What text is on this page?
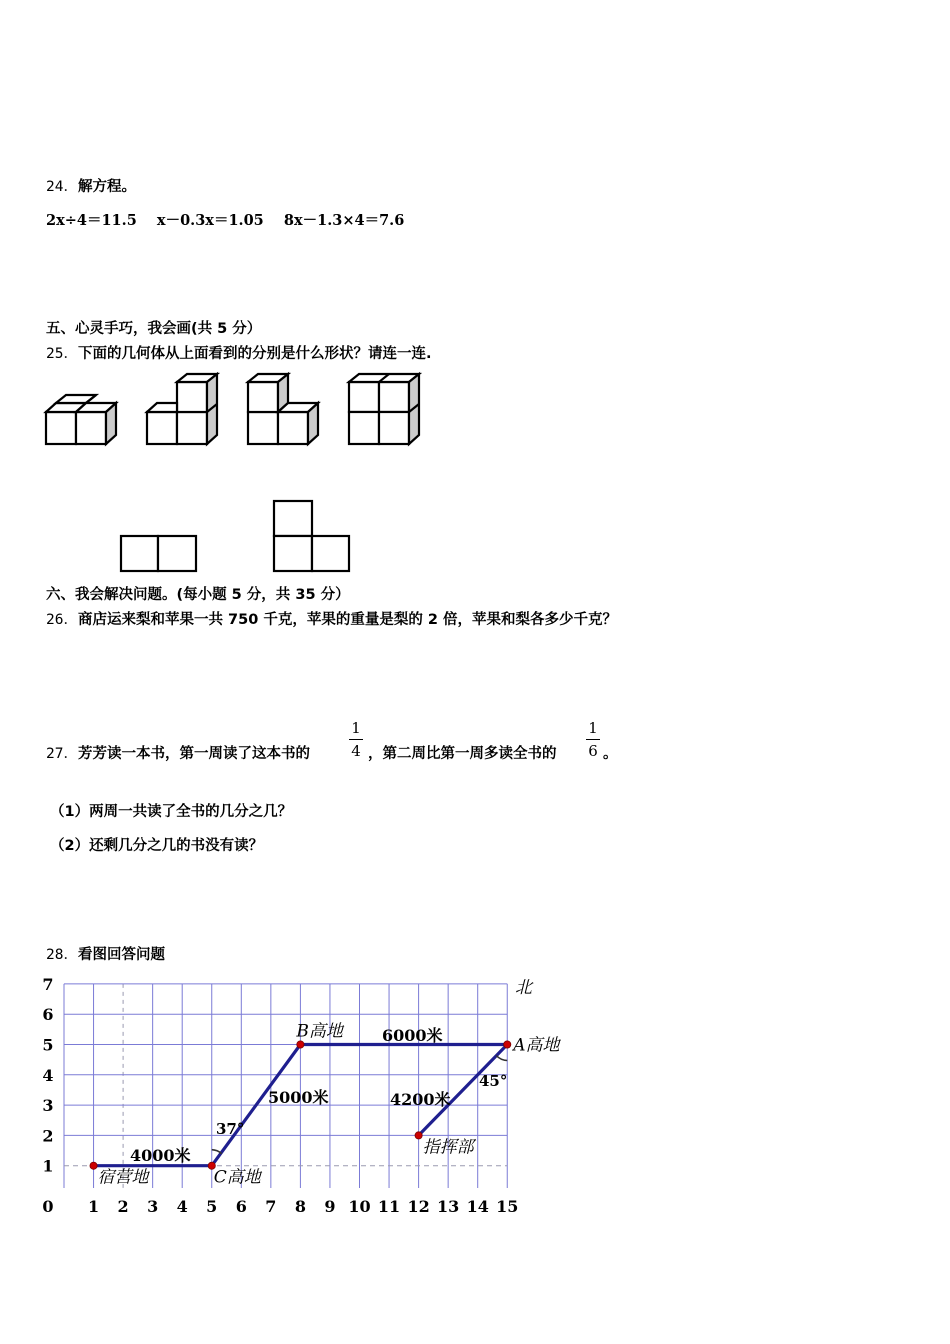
24．解方程。
2x÷4＝11.5 x－0.3x＝1.05 8x－1.3×4＝7.6
五、心灵手巧，我会画(共 5 分）
25．下面的几何体从上面看到的分别是什么形状？请连一连.
六、我会解决问题。(每小题 5 分，共 35 分）
26．商店运来梨和苹果一共 750 千克，苹果的重量是梨的 2 倍，苹果和梨各多少千克？
27．芳芳读一本书，第一周读了这本书的
1
4 ，第二周比第一周多读全书的
1
6 。
（1）两周一共读了全书的几分之几？
（2）还剩几分之几的书没有读？
28．看图回答问题
0 1 2 3 4 5 6 7 8 9 10 11 12 13 14 15
1
2
3
4
5
6
7
宿营地	C高地
B高地
A高地
指挥部
北
4000米
5000米
6000米
4200米
37°
45°
